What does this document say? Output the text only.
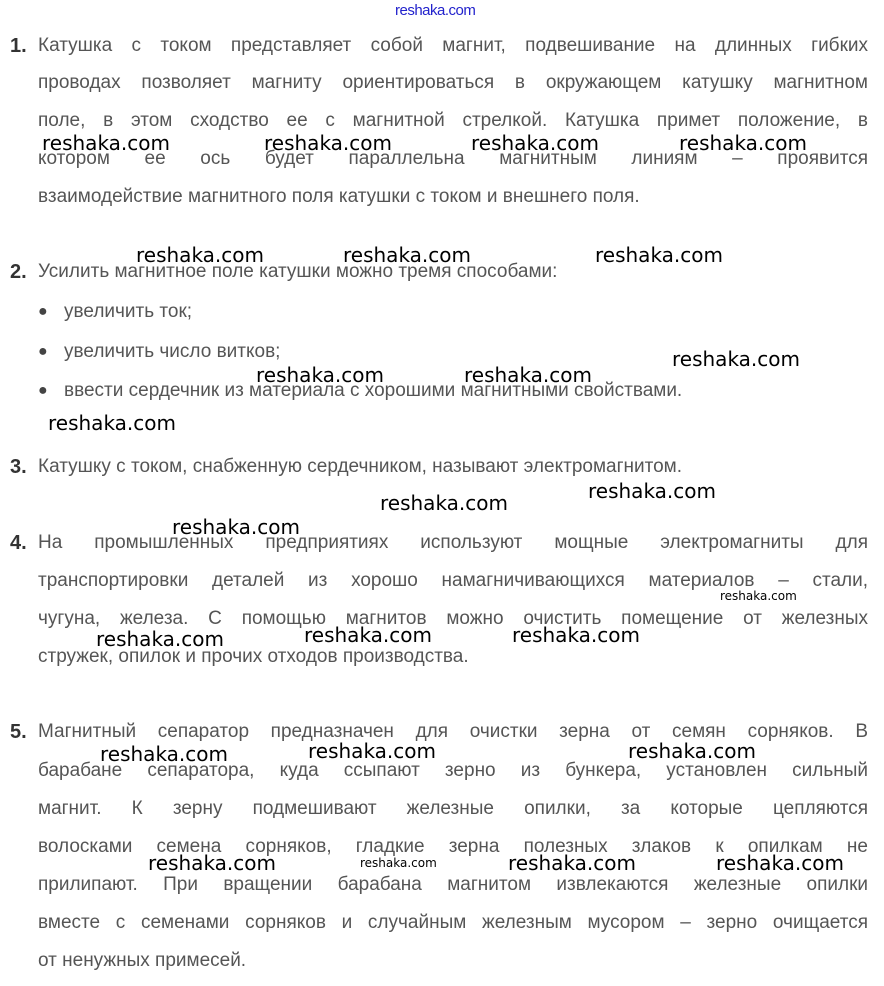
reshaka.com
1. Катушка с током представляет собой магнит, подвешивание на длинных гибких
проводах позволяет магниту ориентироваться в окружающем катушку магнитном
поле, в этом сходство ее с магнитной стрелкой. Катушка примет положение, в
котором ее ось будет параллельна магнитным линиям – проявится
взаимодействие магнитного поля катушки с током и внешнего поля.
2. Усилить магнитное поле катушки можно тремя способами:
● увеличить ток;
● увеличить число витков;
● ввести сердечник из материала с хорошими магнитными свойствами.
3. Катушку с током, снабженную сердечником, называют электромагнитом.
4. На промышленных предприятиях используют мощные электромагниты для
транспортировки деталей из хорошо намагничивающихся материалов – стали,
чугуна, железа. С помощью магнитов можно очистить помещение от железных
стружек, опилок и прочих отходов производства.
5. Магнитный сепаратор предназначен для очистки зерна от семян сорняков. В
барабане сепаратора, куда ссыпают зерно из бункера, установлен сильный
магнит. К зерну подмешивают железные опилки, за которые цепляются
волосками семена сорняков, гладкие зерна полезных злаков к опилкам не
прилипают. При вращении барабана магнитом извлекаются железные опилки
вместе с семенами сорняков и случайным железным мусором – зерно очищается
от ненужных примесей.
reshaka.com	reshaka.com	reshaka.com	reshaka.com
reshaka.com	reshaka.com	reshaka.com
reshaka.com
reshaka.com	reshaka.com
reshaka.com
reshaka.com	reshaka.com
reshaka.com
reshaka.com
reshaka.com	reshaka.com	reshaka.com
reshaka.com	reshaka.com	reshaka.com
reshaka.com	reshaka.com	reshaka.com	reshaka.com
